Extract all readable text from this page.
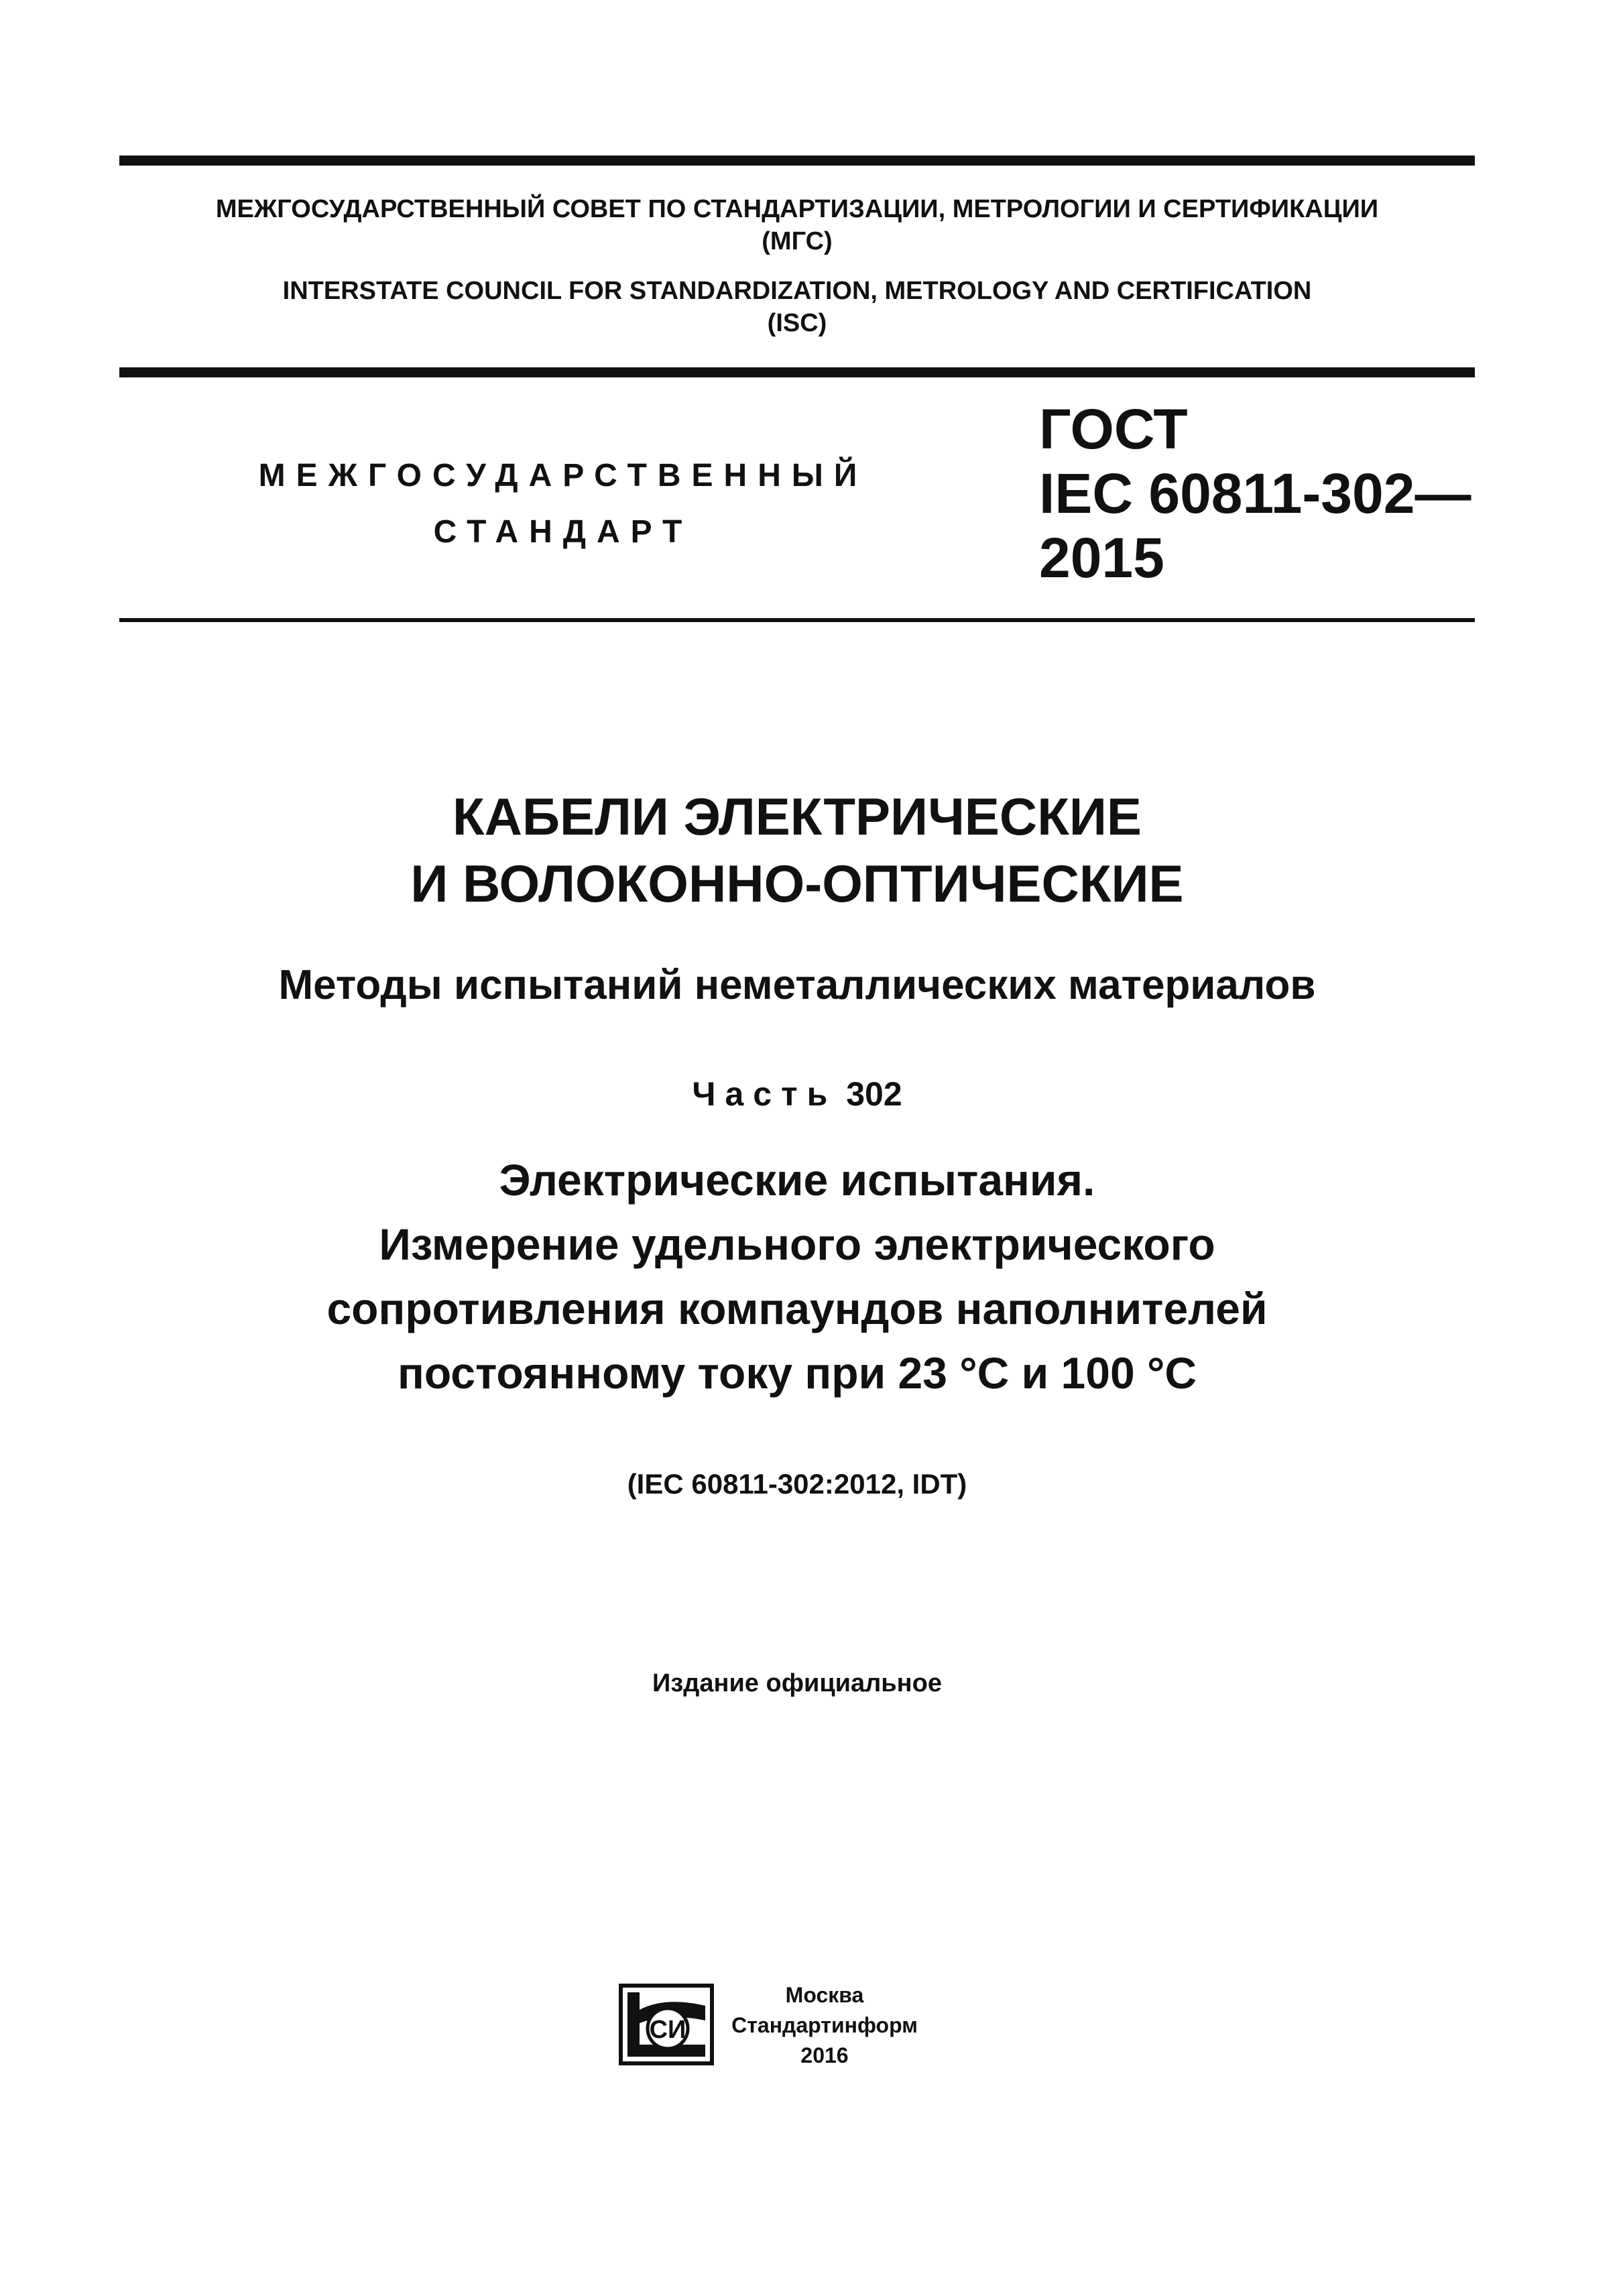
МЕЖГОСУДАРСТВЕННЫЙ СОВЕТ ПО СТАНДАРТИЗАЦИИ, МЕТРОЛОГИИ И СЕРТИФИКАЦИИ
(МГС)
INTERSTATE COUNCIL FOR STANDARDIZATION, METROLOGY AND CERTIFICATION
(ISC)
МЕЖГОСУДАРСТВЕННЫЙ
СТАНДАРТ
ГОСТ
IEC 60811-302—
2015
КАБЕЛИ ЭЛЕКТРИЧЕСКИЕ
И ВОЛОКОННО-ОПТИЧЕСКИЕ
Методы испытаний неметаллических материалов
Часть 302
Электрические испытания.
Измерение удельного электрического
сопротивления компаундов наполнителей
постоянному току при 23 °C и 100 °C
(IEC 60811-302:2012, IDT)
Издание официальное
СИ
Москва
Стандартинформ
2016
